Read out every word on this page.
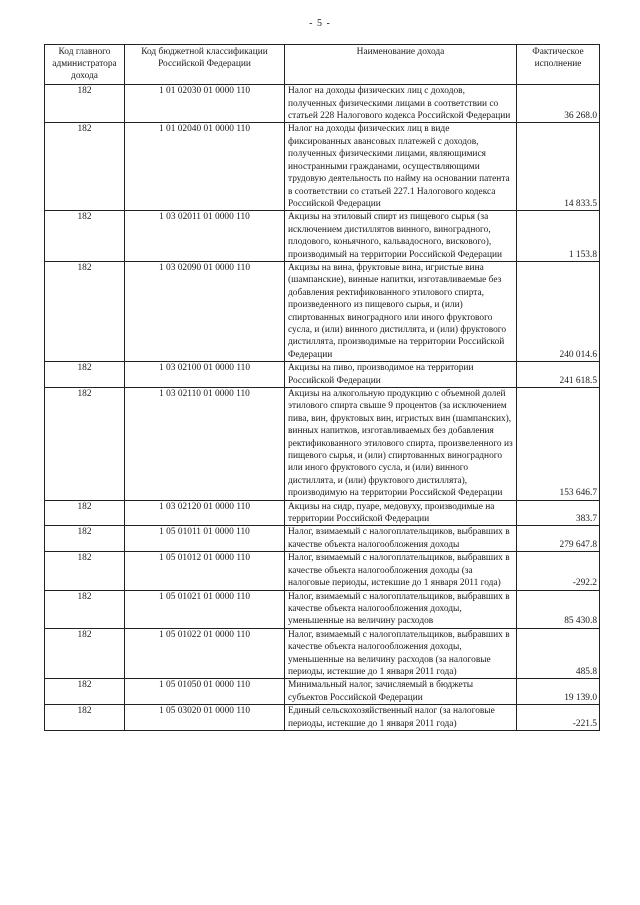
- 5 -
Код главного администратора дохода	Код бюджетной классификации Российской Федерации	Наименование дохода	Фактическое исполнение
182	1 01 02030 01 0000 110	Налог на доходы физических лиц с доходов, полученных физическими лицами в соответствии со статьей 228 Налогового кодекса Российской Федерации	36 268.0
182	1 01 02040 01 0000 110	Налог на доходы физических лиц в виде фиксированных авансовых платежей с доходов, полученных физическими лицами, являющимися иностранными гражданами, осуществляющими трудовую деятельность по найму на основании патента в соответствии со статьей 227.1 Налогового кодекса Российской Федерации	14 833.5
182	1 03 02011 01 0000 110	Акцизы на этиловый спирт из пищевого сырья (за исключением дистиллятов винного, виноградного, плодового, коньячного, кальвадосного, вискового), производимый на территории Российской Федерации	1 153.8
182	1 03 02090 01 0000 110	Акцизы на вина, фруктовые вина, игристые вина (шампанские), винные напитки, изготавливаемые без добавления ректификованного этилового спирта, произведенного из пищевого сырья, и (или) спиртованных виноградного или иного фруктового сусла, и (или) винного дистиллята, и (или) фруктового дистиллята, производимые на территории Российской Федерации	240 014.6
182	1 03 02100 01 0000 110	Акцизы на пиво, производимое на территории Российской Федерации	241 618.5
182	1 03 02110 01 0000 110	Акцизы на алкогольную продукцию с объемной долей этилового спирта свыше 9 процентов (за исключением пива, вин, фруктовых вин, игристых вин (шампанских), винных напитков, изготавливаемых без добавления ректификованного этилового спирта, произвеленного из пищевого сырья, и (или) спиртованных виноградного или иного фруктового сусла, и (или) винного дистиллята, и (или) фруктового дистиллята), производимую на территории Российской Федерации	153 646.7
182	1 03 02120 01 0000 110	Акцизы на сидр, пуаре, медовуху, производимые на территории Российской Федерации	383.7
182	1 05 01011 01 0000 110	Налог, взимаемый с налогоплательщиков, выбравших в качестве объекта налогообложения доходы	279 647.8
182	1 05 01012 01 0000 110	Налог, взимаемый с налогоплательщиков, выбравших в качестве объекта налогообложения доходы (за налоговые периоды, истекшие до 1 января 2011 года)	-292.2
182	1 05 01021 01 0000 110	Налог, взимаемый с налогоплательщиков, выбравших в качестве объекта налогообложения доходы, уменьшенные на величину расходов	85 430.8
182	1 05 01022 01 0000 110	Налог, взимаемый с налогоплательщиков, выбравших в качестве объекта налогообложения доходы, уменьшенные на величину расходов (за налоговые периоды, истекшие до 1 января 2011 года)	485.8
182	1 05 01050 01 0000 110	Минимальный налог, зачисляемый в бюджеты субъектов Российской Федерации	19 139.0
182	1 05 03020 01 0000 110	Единый сельскохозяйственный налог (за налоговые периоды, истекшие до 1 января 2011 года)	-221.5
